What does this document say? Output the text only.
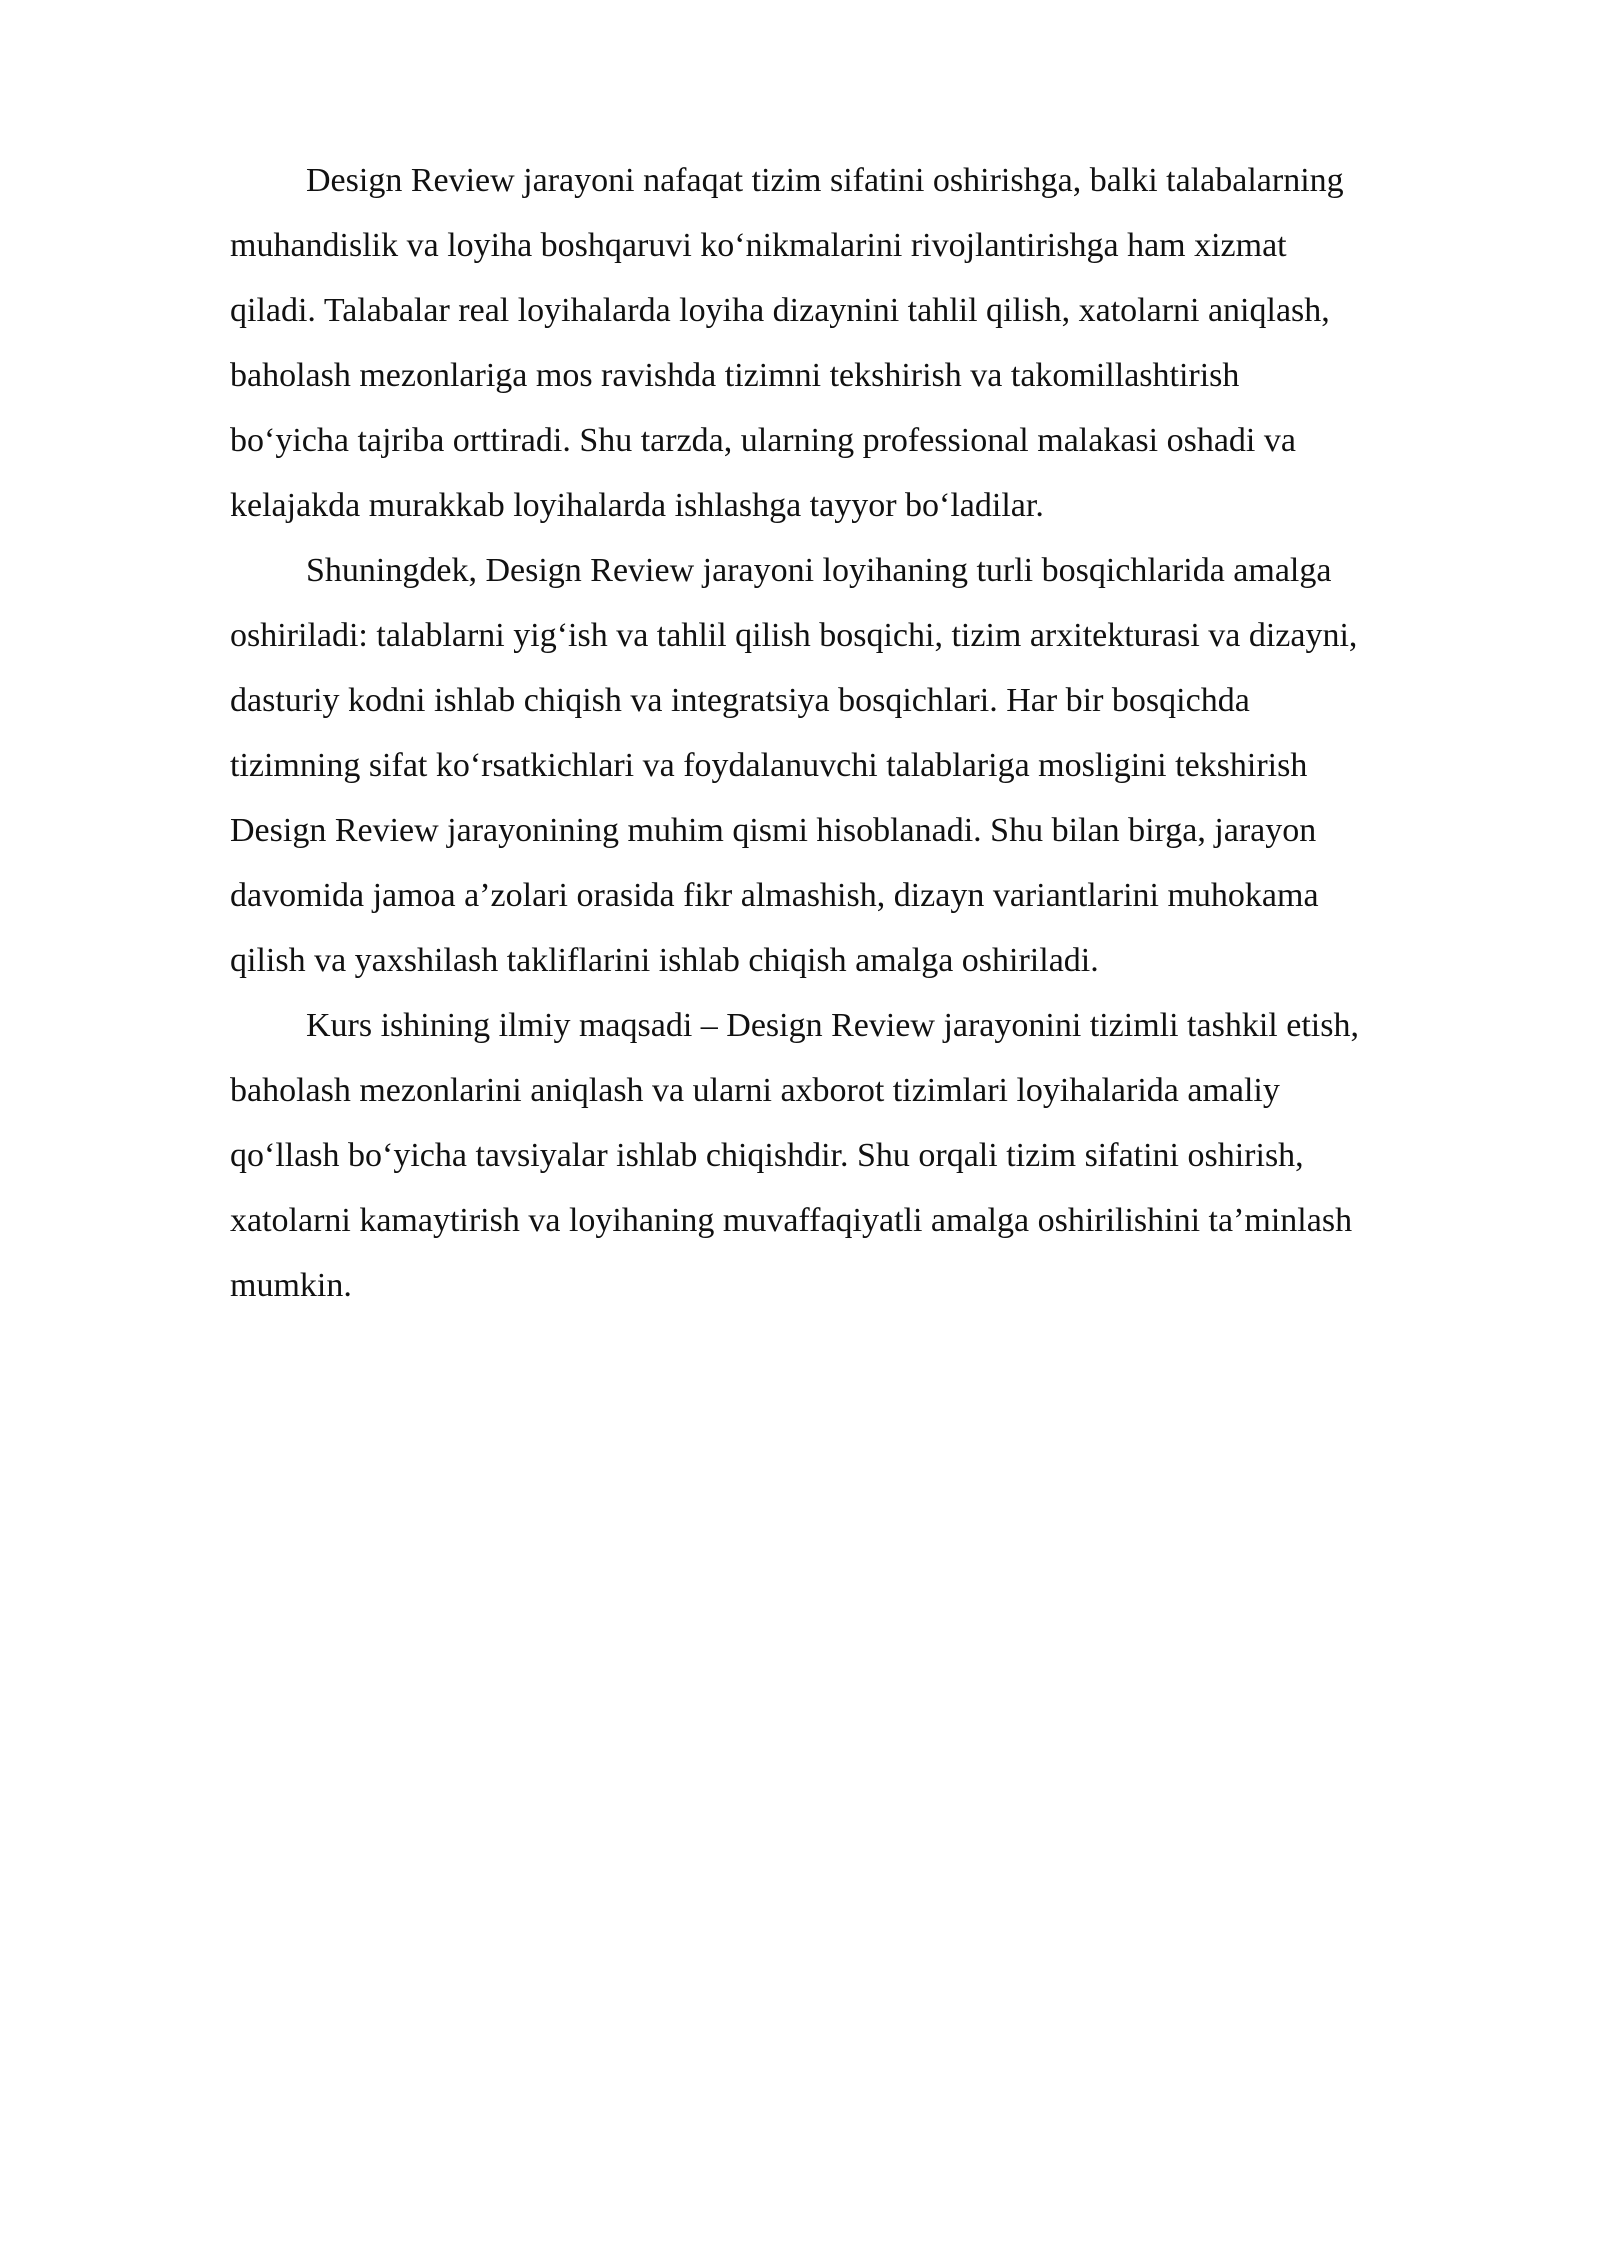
Design Review jarayoni nafaqat tizim sifatini oshirishga, balki talabalarning
muhandislik va loyiha boshqaruvi koʻnikmalarini rivojlantirishga ham xizmat
qiladi. Talabalar real loyihalarda loyiha dizaynini tahlil qilish, xatolarni aniqlash,
baholash mezonlariga mos ravishda tizimni tekshirish va takomillashtirish
boʻyicha tajriba orttiradi. Shu tarzda, ularning professional malakasi oshadi va
kelajakda murakkab loyihalarda ishlashga tayyor boʻladilar.
Shuningdek, Design Review jarayoni loyihaning turli bosqichlarida amalga
oshiriladi: talablarni yigʻish va tahlil qilish bosqichi, tizim arxitekturasi va dizayni,
dasturiy kodni ishlab chiqish va integratsiya bosqichlari. Har bir bosqichda
tizimning sifat koʻrsatkichlari va foydalanuvchi talablariga mosligini tekshirish
Design Review jarayonining muhim qismi hisoblanadi. Shu bilan birga, jarayon
davomida jamoa a’zolari orasida fikr almashish, dizayn variantlarini muhokama
qilish va yaxshilash takliflarini ishlab chiqish amalga oshiriladi.
Kurs ishining ilmiy maqsadi – Design Review jarayonini tizimli tashkil etish,
baholash mezonlarini aniqlash va ularni axborot tizimlari loyihalarida amaliy
qoʻllash boʻyicha tavsiyalar ishlab chiqishdir. Shu orqali tizim sifatini oshirish,
xatolarni kamaytirish va loyihaning muvaffaqiyatli amalga oshirilishini ta’minlash
mumkin.
